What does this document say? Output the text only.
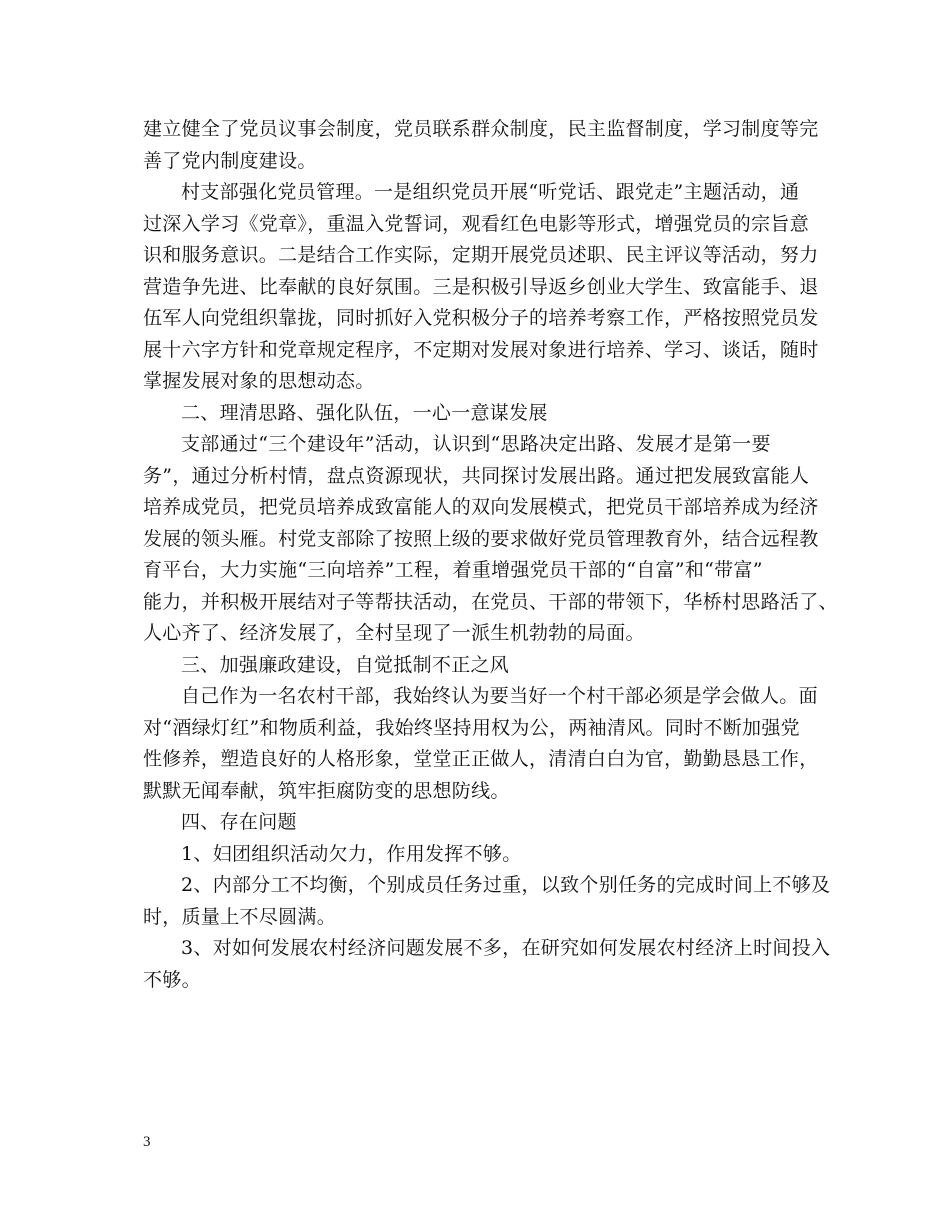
建立健全了党员议事会制度，党员联系群众制度，民主监督制度，学习制度等完
善了党内制度建设。
村支部强化党员管理。一是组织党员开展“听党话、跟党走”主题活动，通
过深入学习《党章》，重温入党誓词，观看红色电影等形式，增强党员的宗旨意
识和服务意识。二是结合工作实际，定期开展党员述职、民主评议等活动，努力
营造争先进、比奉献的良好氛围。三是积极引导返乡创业大学生、致富能手、退
伍军人向党组织靠拢，同时抓好入党积极分子的培养考察工作，严格按照党员发
展十六字方针和党章规定程序，不定期对发展对象进行培养、学习、谈话，随时
掌握发展对象的思想动态。
二、理清思路、强化队伍，一心一意谋发展
支部通过“三个建设年”活动，认识到“思路决定出路、发展才是第一要
务”，通过分析村情，盘点资源现状，共同探讨发展出路。通过把发展致富能人
培养成党员，把党员培养成致富能人的双向发展模式，把党员干部培养成为经济
发展的领头雁。村党支部除了按照上级的要求做好党员管理教育外，结合远程教
育平台，大力实施“三向培养”工程，着重增强党员干部的“自富”和“带富”
能力，并积极开展结对子等帮扶活动，在党员、干部的带领下，华桥村思路活了、
人心齐了、经济发展了，全村呈现了一派生机勃勃的局面。
三、加强廉政建设，自觉抵制不正之风
自己作为一名农村干部，我始终认为要当好一个村干部必须是学会做人。面
对“酒绿灯红”和物质利益，我始终坚持用权为公，两袖清风。同时不断加强党
性修养，塑造良好的人格形象，堂堂正正做人，清清白白为官，勤勤恳恳工作，
默默无闻奉献，筑牢拒腐防变的思想防线。
四、存在问题
1、妇团组织活动欠力，作用发挥不够。
2、内部分工不均衡，个别成员任务过重，以致个别任务的完成时间上不够及
时，质量上不尽圆满。
3、对如何发展农村经济问题发展不多，在研究如何发展农村经济上时间投入
不够。
3
